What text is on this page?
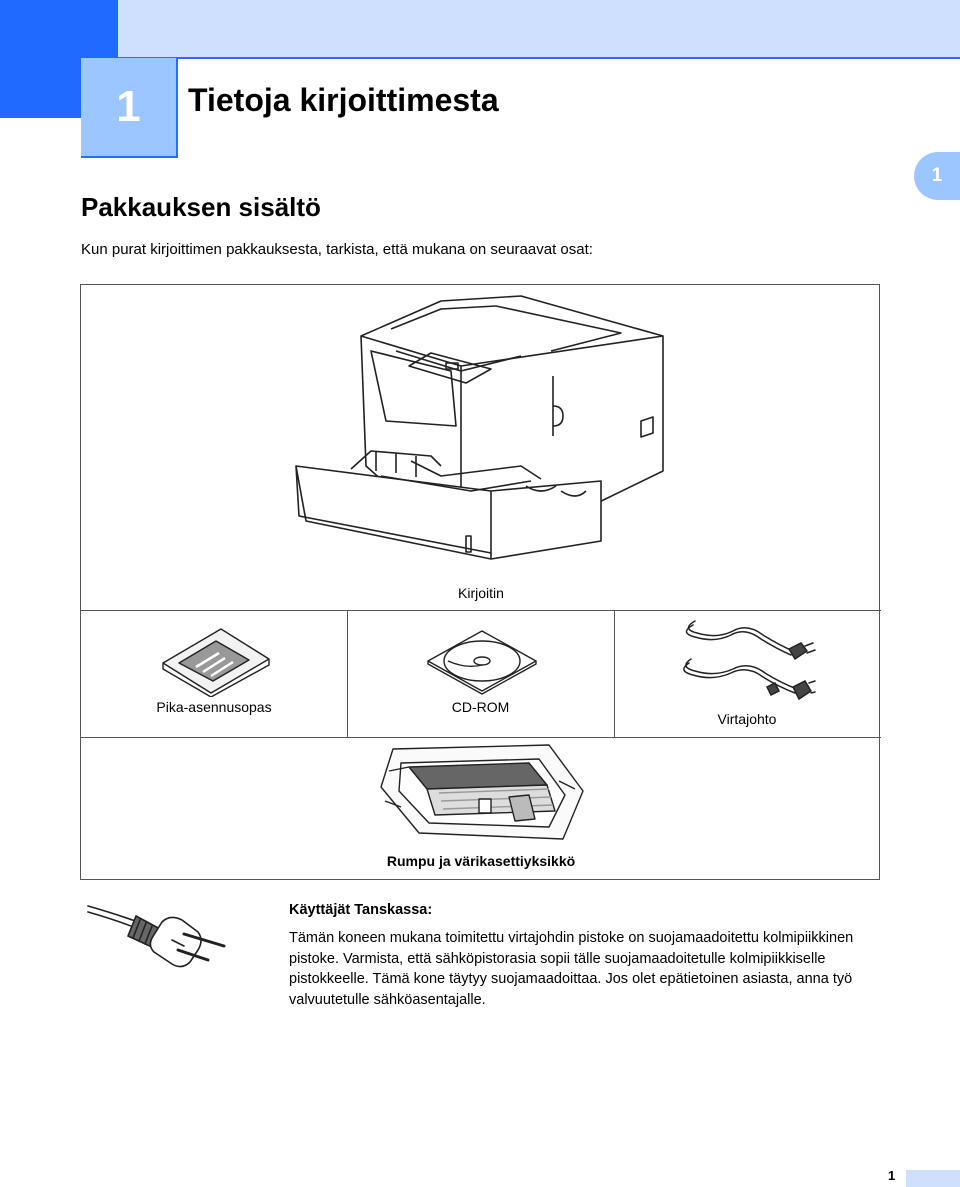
1	Tietoja kirjoittimesta
1
Pakkauksen sisältö
Kun purat kirjoittimen pakkauksesta, tarkista, että mukana on seuraavat osat:
Kirjoitin
Pika-asennusopas	CD-ROM
Virtajohto
Rumpu ja värikasettiyksikkö
Käyttäjät Tanskassa:
Tämän koneen mukana toimitettu virtajohdin pistoke on suojamaadoitettu kolmipiikkinen pistoke. Varmista, että sähköpistorasia sopii tälle suojamaadoitetulle kolmipiikkiselle pistokkeelle. Tämä kone täytyy suojamaadoittaa. Jos olet epätietoinen asiasta, anna työ valvuutetulle sähköasentajalle.
1
